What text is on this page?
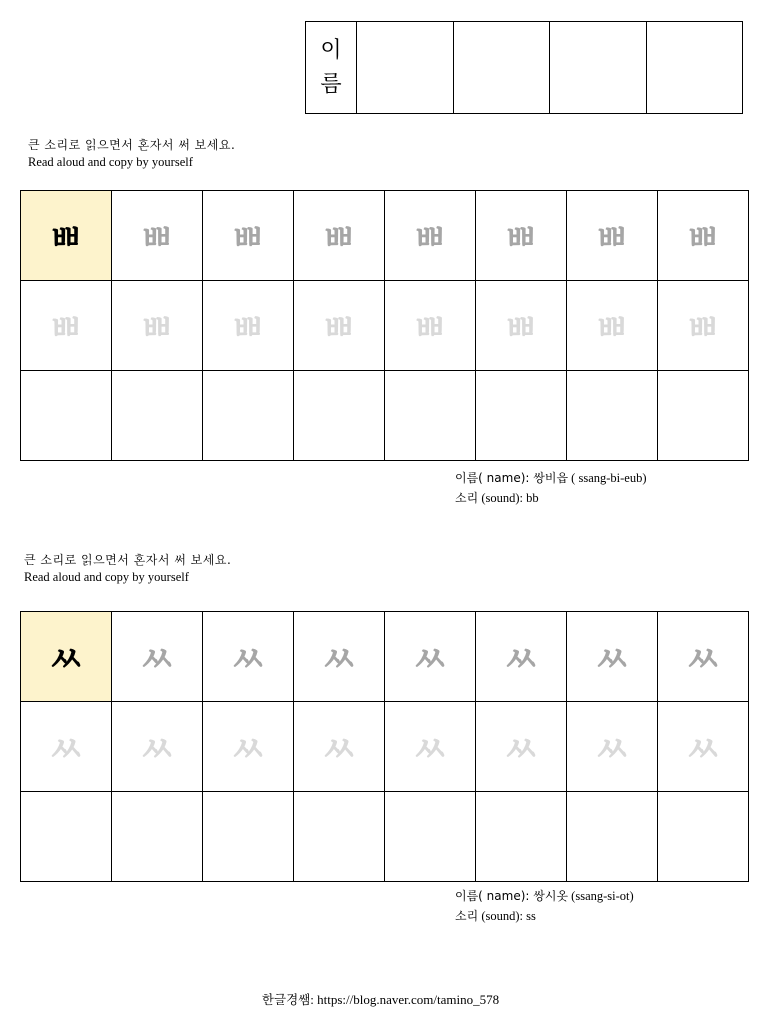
이
름
큰 소리로 읽으면서 혼자서 써 보세요.
Read aloud and copy by yourself
ㅃ	ㅃ	ㅃ	ㅃ	ㅃ	ㅃ	ㅃ	ㅃ
ㅃ	ㅃ	ㅃ	ㅃ	ㅃ	ㅃ	ㅃ	ㅃ

이름( name): 쌍비읍 ( ssang-bi-eub)
소리 (sound): bb
큰 소리로 읽으면서 혼자서 써 보세요.
Read aloud and copy by yourself
ㅆ	ㅆ	ㅆ	ㅆ	ㅆ	ㅆ	ㅆ	ㅆ
ㅆ	ㅆ	ㅆ	ㅆ	ㅆ	ㅆ	ㅆ	ㅆ

이름( name): 쌍시옷 (ssang-si-ot)
소리 (sound): ss
한글경쌤: https://blog.naver.com/tamino_578
